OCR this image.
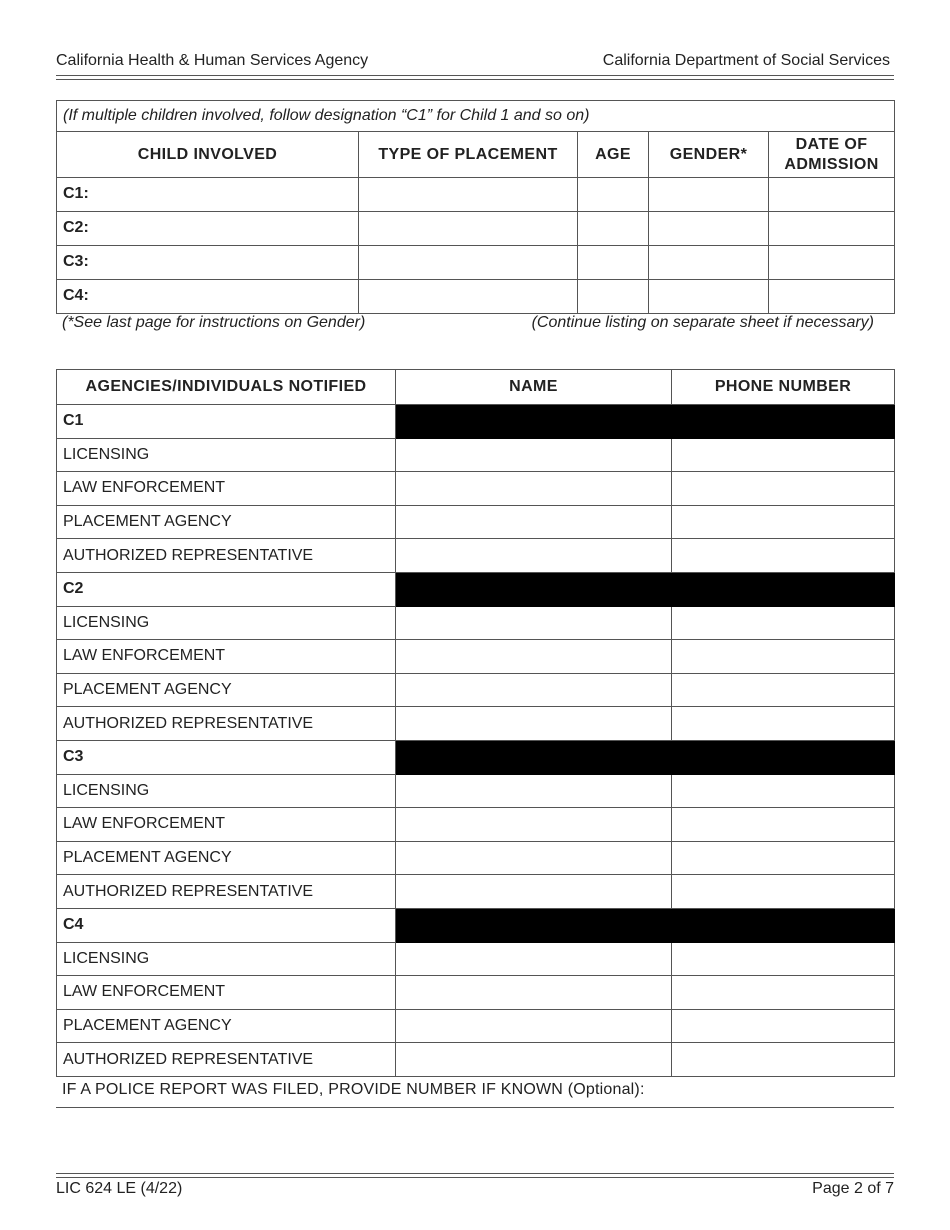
California Health & Human Services Agency	California Department of Social Services
(If multiple children involved, follow designation “C1” for Child 1 and so on)				
CHILD INVOLVED	TYPE OF PLACEMENT	AGE	GENDER*	DATE OF ADMISSION
C1:				
C2:				
C3:				
C4:				
(*See last page for instructions on Gender)	(Continue listing on separate sheet if necessary)
AGENCIES/INDIVIDUALS NOTIFIED	NAME	PHONE NUMBER
C1		
LICENSING		
LAW ENFORCEMENT		
PLACEMENT AGENCY		
AUTHORIZED REPRESENTATIVE		
C2		
LICENSING		
LAW ENFORCEMENT		
PLACEMENT AGENCY		
AUTHORIZED REPRESENTATIVE		
C3		
LICENSING		
LAW ENFORCEMENT		
PLACEMENT AGENCY		
AUTHORIZED REPRESENTATIVE		
C4		
LICENSING		
LAW ENFORCEMENT		
PLACEMENT AGENCY		
AUTHORIZED REPRESENTATIVE		
IF A POLICE REPORT WAS FILED, PROVIDE NUMBER IF KNOWN (Optional):
LIC 624 LE (4/22)	Page 2 of 7
